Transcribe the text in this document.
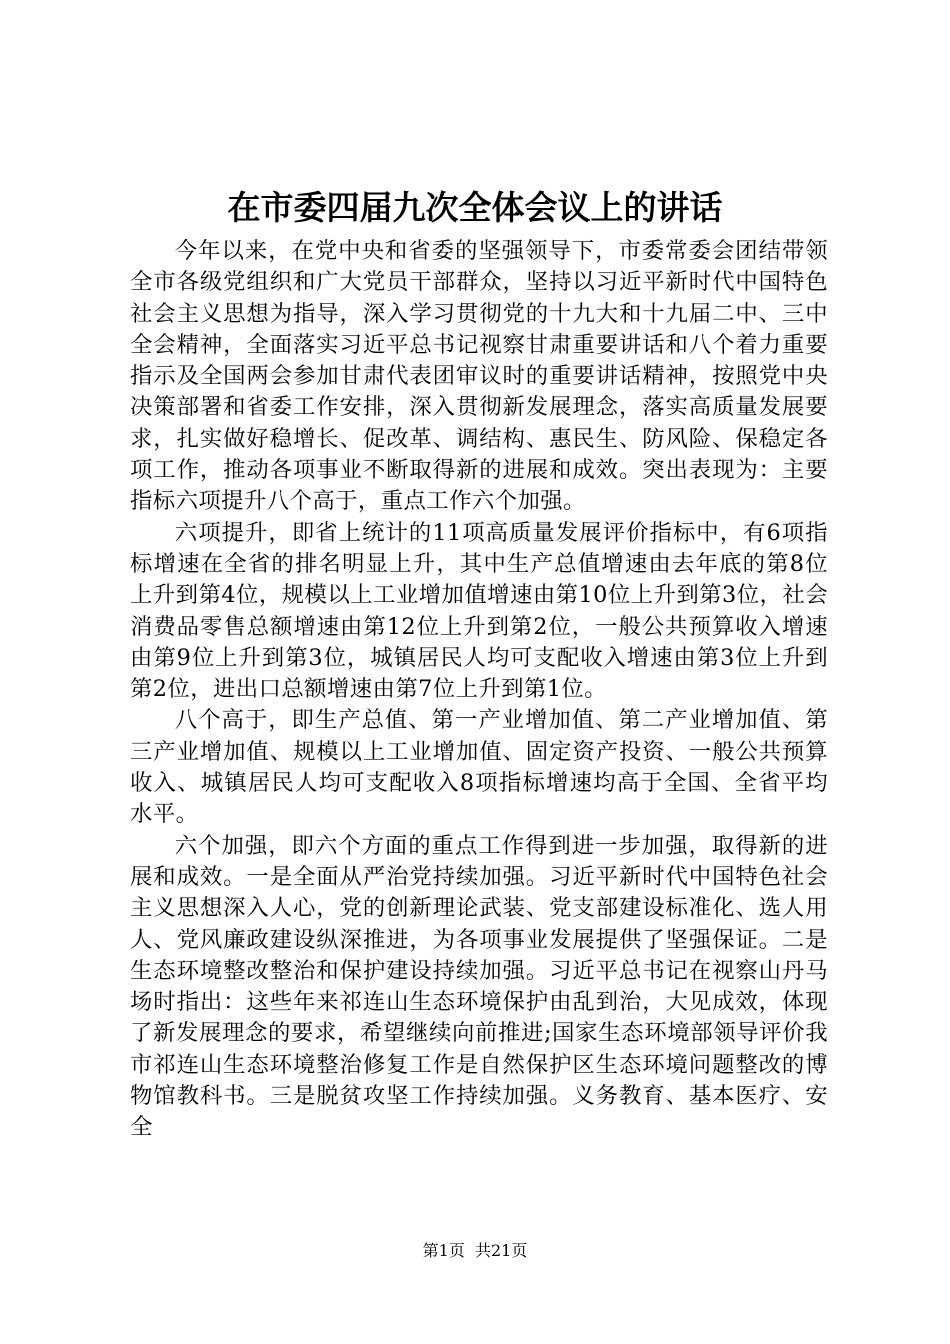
在市委四届九次全体会议上的讲话

今年以来，在党中央和省委的坚强领导下，市委常委会团结带领全市各级党组织和广大党员干部群众，坚持以习近平新时代中国特色社会主义思想为指导，深入学习贯彻党的十九大和十九届二中、三中全会精神，全面落实习近平总书记视察甘肃重要讲话和八个着力重要指示及全国两会参加甘肃代表团审议时的重要讲话精神，按照党中央决策部署和省委工作安排，深入贯彻新发展理念，落实高质量发展要求，扎实做好稳增长、促改革、调结构、惠民生、防风险、保稳定各项工作，推动各项事业不断取得新的进展和成效。突出表现为：主要指标六项提升八个高于，重点工作六个加强。

六项提升，即省上统计的11项高质量发展评价指标中，有6项指标增速在全省的排名明显上升，其中生产总值增速由去年底的第8位上升到第4位，规模以上工业增加值增速由第10位上升到第3位，社会消费品零售总额增速由第12位上升到第2位，一般公共预算收入增速由第9位上升到第3位，城镇居民人均可支配收入增速由第3位上升到第2位，进出口总额增速由第7位上升到第1位。

八个高于，即生产总值、第一产业增加值、第二产业增加值、第三产业增加值、规模以上工业增加值、固定资产投资、一般公共预算收入、城镇居民人均可支配收入8项指标增速均高于全国、全省平均水平。

六个加强，即六个方面的重点工作得到进一步加强，取得新的进展和成效。一是全面从严治党持续加强。习近平新时代中国特色社会主义思想深入人心，党的创新理论武装、党支部建设标准化、选人用人、党风廉政建设纵深推进，为各项事业发展提供了坚强保证。二是生态环境整改整治和保护建设持续加强。习近平总书记在视察山丹马场时指出：这些年来祁连山生态环境保护由乱到治，大见成效，体现了新发展理念的要求，希望继续向前推进;国家生态环境部领导评价我市祁连山生态环境整治修复工作是自然保护区生态环境问题整改的博物馆教科书。三是脱贫攻坚工作持续加强。义务教育、基本医疗、安全

第1页  共21页
